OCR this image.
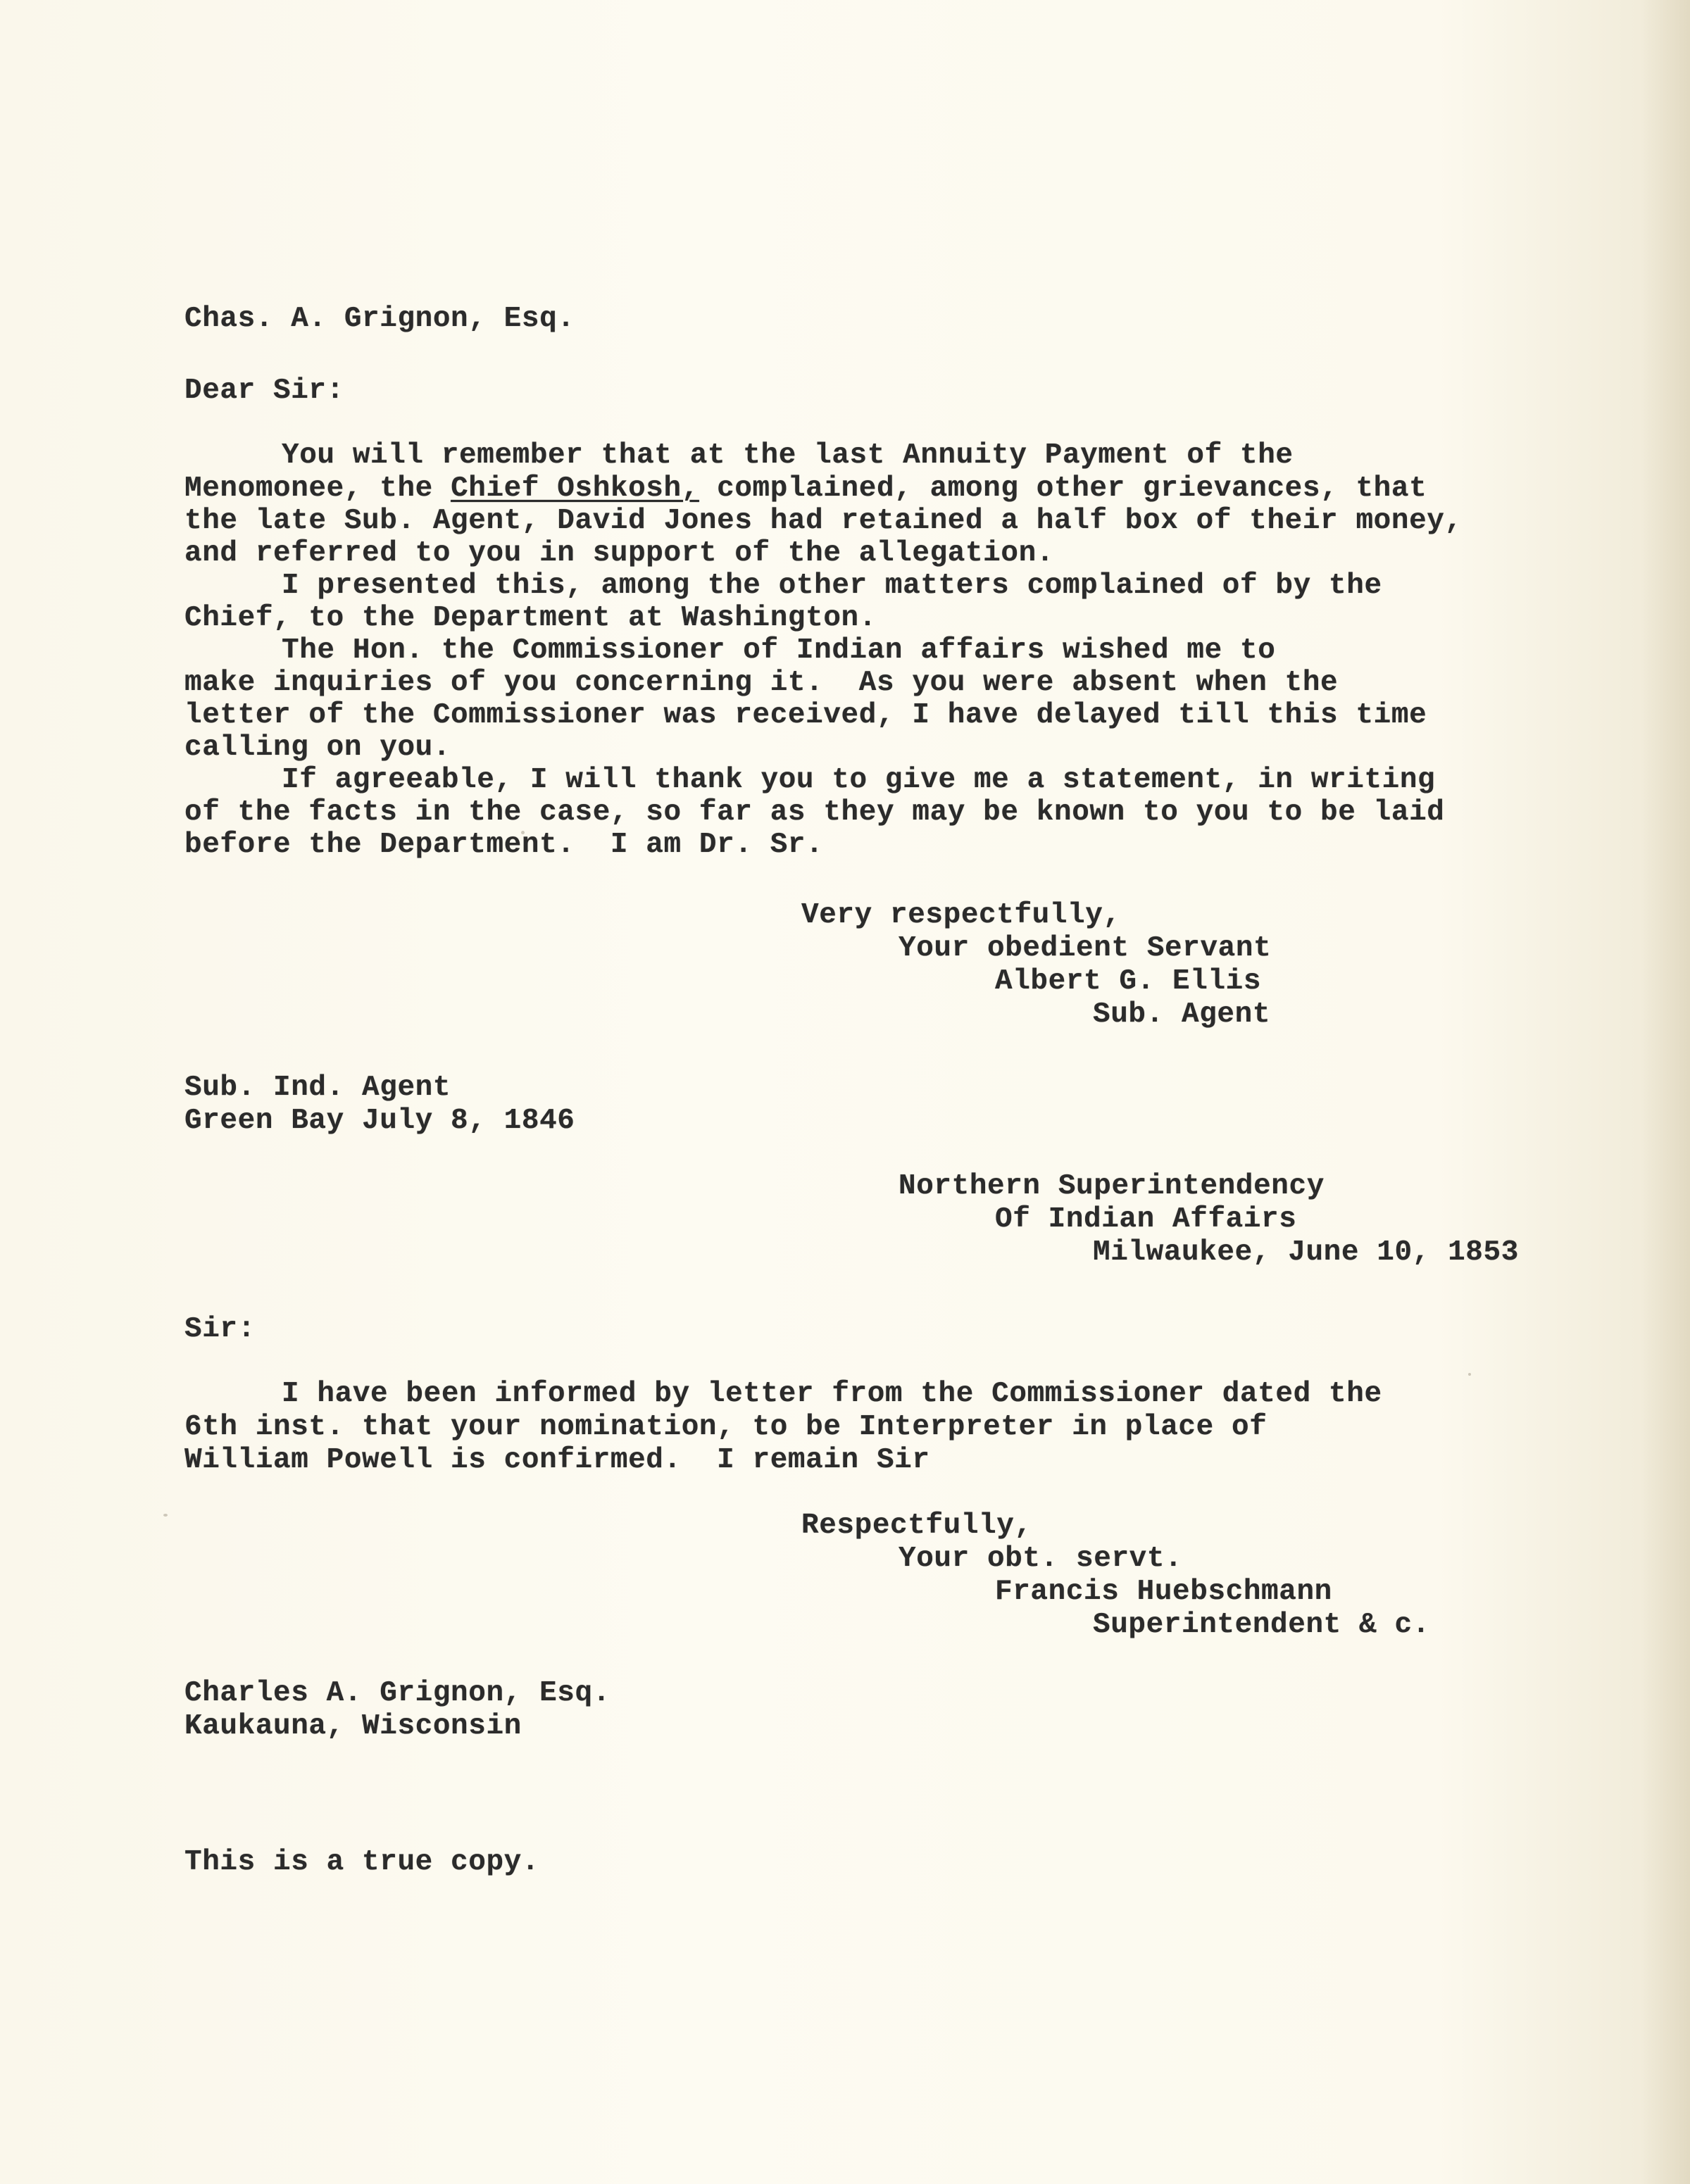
Chas. A. Grignon, Esq.
Dear Sir:
You will remember that at the last Annuity Payment of the
Menomonee, the Chief Oshkosh, complained, among other grievances, that
the late Sub. Agent, David Jones had retained a half box of their money,
and referred to you in support of the allegation.
I presented this, among the other matters complained of by the
Chief, to the Department at Washington.
The Hon. the Commissioner of Indian affairs wished me to
make inquiries of you concerning it.  As you were absent when the
letter of the Commissioner was received, I have delayed till this time
calling on you.
If agreeable, I will thank you to give me a statement, in writing
of the facts in the case, so far as they may be known to you to be laid
before the Department.  I am Dr. Sr.
Very respectfully,
Your obedient Servant
Albert G. Ellis
Sub. Agent
Sub. Ind. Agent
Green Bay July 8, 1846
Northern Superintendency
Of Indian Affairs
Milwaukee, June 10, 1853
Sir:
I have been informed by letter from the Commissioner dated the
6th inst. that your nomination, to be Interpreter in place of
William Powell is confirmed.  I remain Sir
Respectfully,
Your obt. servt.
Francis Huebschmann
Superintendent & c.
Charles A. Grignon, Esq.
Kaukauna, Wisconsin
This is a true copy.
